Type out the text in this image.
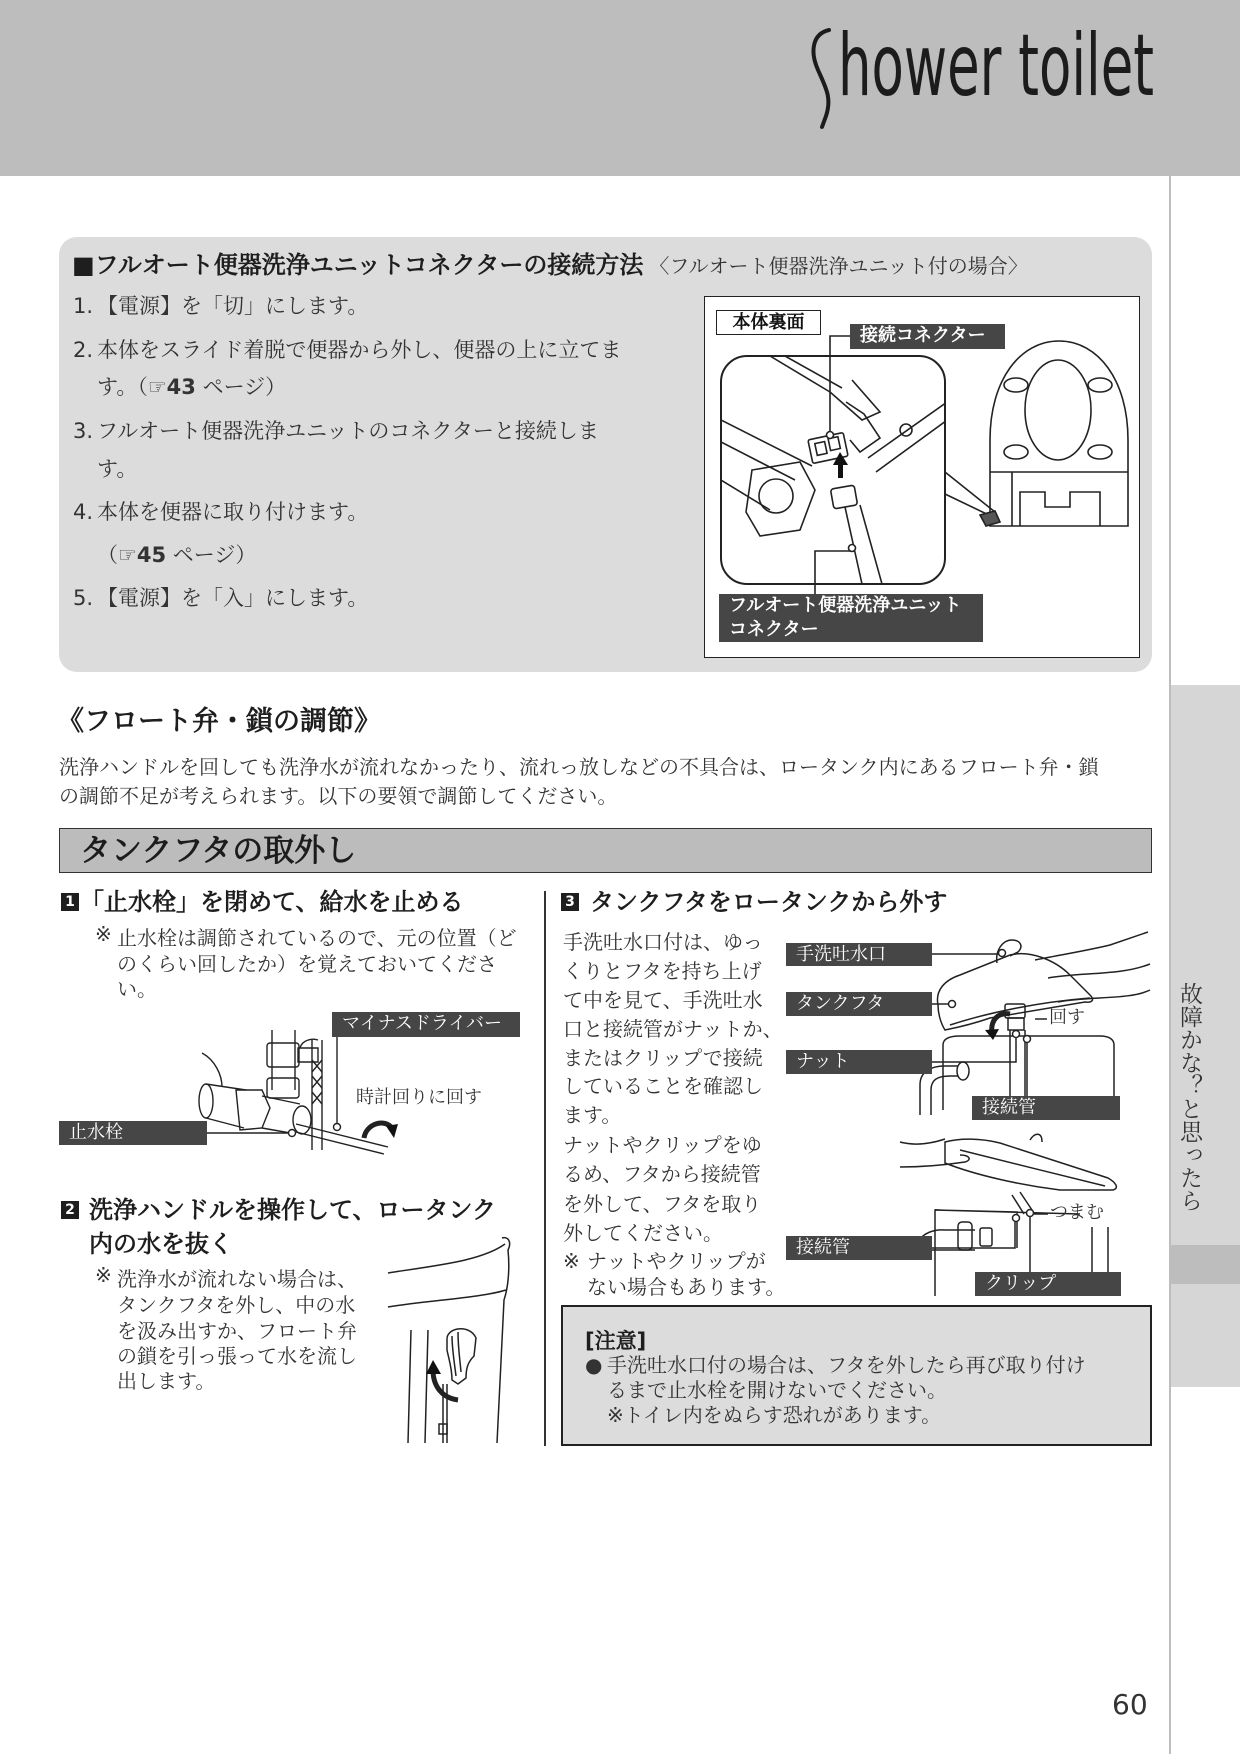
故障かな？と思ったら
■フルオート便器洗浄ユニットコネクターの接続方法 〈フルオート便器洗浄ユニット付の場合〉
1. 【電源】を「切」にします。
2. 本体をスライド着脱で便器から外し、便器の上に立てま
す。（☞43 ページ）
3. フルオート便器洗浄ユニットのコネクターと接続しま
す。
4. 本体を便器に取り付けます。
（☞45 ページ）
5. 【電源】を「入」にします。
《フロート弁・鎖の調節》
洗浄ハンドルを回しても洗浄水が流れなかったり、流れっ放しなどの不具合は、ロータンク内にあるフロート弁・鎖
の調節不足が考えられます。以下の要領で調節してください。
タンクフタの取外し
1 「止水栓」を閉めて、給水を止める
※ 止水栓は調節されているので、元の位置（ど
のくらい回したか）を覚えておいてくださ
い。
2 洗浄ハンドルを操作して、ロータンク
内の水を抜く
※ 洗浄水が流れない場合は、
タンクフタを外し、中の水
を汲み出すか、フロート弁
の鎖を引っ張って水を流し
出します。
3 タンクフタをロータンクから外す
手洗吐水口付は、ゆっ
くりとフタを持ち上げ
て中を見て、手洗吐水
口と接続管がナットか、
またはクリップで接続
していることを確認し
ます。
ナットやクリップをゆ
るめ、フタから接続管
を外して、フタを取り
外してください。
※ ナットやクリップが
ない場合もあります。
[注意]
● 手洗吐水口付の場合は、フタを外したら再び取り付け
るまで止水栓を開けないでください。
※トイレ内をぬらす恐れがあります。
hower toilet
本体裏面
接続コネクター
フルオート便器洗浄ユニット
コネクター
マイナスドライバー
時計回りに回す
止水栓
手洗吐水口
タンクフタ
ナット
接続管
回す
つまむ
接続管
クリップ
60
